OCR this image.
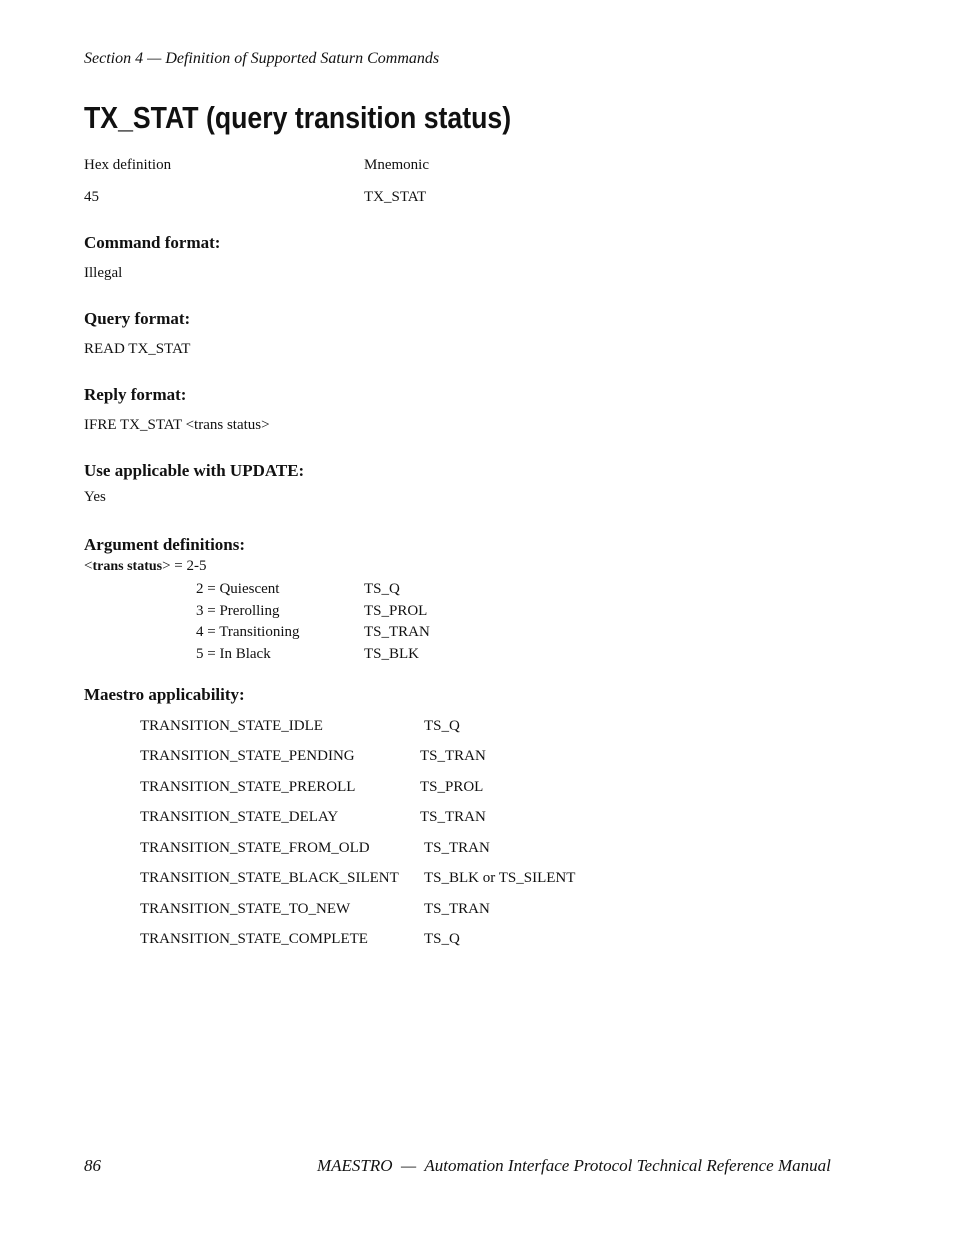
Section 4 — Definition of Supported Saturn Commands
TX_STAT (query transition status)
Hex definition	Mnemonic
45	TX_STAT
Command format:
Illegal
Query format:
READ TX_STAT
Reply format:
IFRE TX_STAT <trans status>
Use applicable with UPDATE:
Yes
Argument definitions:
<trans status> = 2-5
2 = Quiescent	TS_Q
3 = Prerolling	TS_PROL
4 = Transitioning	TS_TRAN
5 = In Black	TS_BLK
Maestro applicability:
TRANSITION_STATE_IDLE	TS_Q
TRANSITION_STATE_PENDING	TS_TRAN
TRANSITION_STATE_PREROLL	TS_PROL
TRANSITION_STATE_DELAY	TS_TRAN
TRANSITION_STATE_FROM_OLD	TS_TRAN
TRANSITION_STATE_BLACK_SILENT TS_BLK or TS_SILENT
TRANSITION_STATE_TO_NEW	TS_TRAN
TRANSITION_STATE_COMPLETE	TS_Q
86	MAESTRO  —  Automation Interface Protocol Technical Reference Manual
